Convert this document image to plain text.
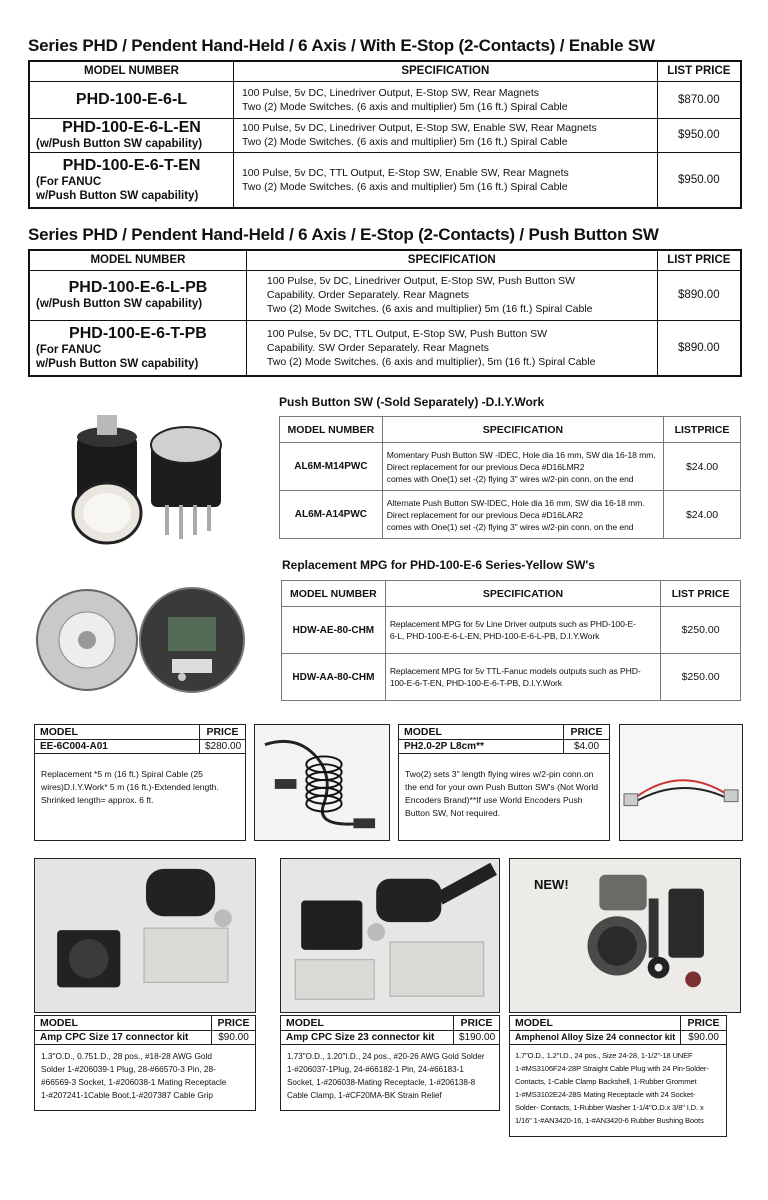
Series PHD / Pendent Hand-Held / 6 Axis / With E-Stop (2-Contacts) / Enable SW
MODEL NUMBER	SPECIFICATION	LIST PRICE

PHD-100-E-6-L	100 Pulse, 5v DC, Linedriver Output, E-Stop SW, Rear Magnets
Two (2) Mode Switches. (6 axis and multiplier) 5m (16 ft.) Spiral Cable	$870.00

PHD-100-E-6-L-EN
(w/Push Button SW capability)	100 Pulse, 5v DC, Linedriver Output, E-Stop SW, Enable SW, Rear Magnets
Two (2) Mode Switches. (6 axis and multiplier) 5m (16 ft.) Spiral Cable	$950.00

PHD-100-E-6-T-EN
(For FANUC
w/Push Button SW capability)	100 Pulse, 5v DC, TTL Output, E-Stop SW, Enable SW, Rear Magnets
Two (2) Mode Switches. (6 axis and multiplier) 5m (16 ft.) Spiral Cable	$950.00
Series PHD / Pendent Hand-Held / 6 Axis / E-Stop (2-Contacts) / Push Button SW
MODEL NUMBER	SPECIFICATION	LIST PRICE

PHD-100-E-6-L-PB
(w/Push Button SW capability)	100 Pulse, 5v DC, Linedriver Output, E-Stop SW, Push Button SW
Capability. Order Separately. Rear Magnets
Two (2) Mode Switches. (6 axis and multiplier) 5m (16 ft.) Spiral Cable	$890.00

PHD-100-E-6-T-PB
(For FANUC
w/Push Button SW capability)	100 Pulse, 5v DC, TTL Output, E-Stop SW, Push Button SW
Capability. SW Order Separately. Rear Magnets
Two (2) Mode Switches. (6 axis and multiplier), 5m (16 ft.) Spiral Cable	$890.00
Push Button SW (-Sold Separately) -D.I.Y.Work
MODEL NUMBER	SPECIFICATION	LISTPRICE
AL6M-M14PWC	Momentary Push Button SW -IDEC, Hole dia 16 mm, SW dia 16-18 mm.
Direct replacement for our previous Deca #D16LMR2
comes with One(1) set -(2) flying 3" wires w/2-pin conn. on the end	$24.00
AL6M-A14PWC	Alternate Push Button SW-IDEC, Hole dia 16 mm, SW dia 16-18 mm.
Direct replacement for our previous Deca #D16LAR2
comes with One(1) set -(2) flying 3" wires w/2-pin conn. on the end	$24.00
Replacement MPG for PHD-100-E-6 Series-Yellow SW's
MODEL NUMBER	SPECIFICATION	LIST PRICE
HDW-AE-80-CHM	Replacement MPG for 5v Line Driver outputs such as PHD-100-E-
6-L, PHD-100-E-6-L-EN, PHD-100-E-6-L-PB, D.I.Y.Work	$250.00
HDW-AA-80-CHM	Replacement MPG for 5v TTL-Fanuc models outputs such as PHD-
100-E-6-T-EN, PHD-100-E-6-T-PB, D.I.Y.Work	$250.00
MODEL	PRICE
EE-6C004-A01	$280.00
Replacement *5 m (16 ft.) Spiral Cable (25
wires)D.I.Y.Work* 5 m (16 ft.)-Extended length.
Shrinked length= approx. 6 ft.
MODEL	PRICE
PH2.0-2P L8cm**	$4.00
Two(2) sets 3" length flying wires w/2-pin conn.on
the end for your own Push Button SW's (Not World
Encoders Brand)**If use World Encoders Push
Button SW, Not required.
NEW!
MODEL	PRICE
Amp CPC Size 17 connector kit	$90.00
1.3"O.D., 0.751.D., 28 pos., #18-28 AWG Gold
Solder 1-#206039-1 Plug, 28-#66570-3 Pin, 28-
#66569-3 Socket, 1-#206038-1 Mating Receptacle
1-#207241-1Cable Boot,1-#207387 Cable Grip
MODEL	PRICE
Amp CPC Size 23 connector kit	$190.00
1.73"O.D., 1.20"I.D., 24 pos., #20-26 AWG Gold Solder
1-#206037-1Plug, 24-#66182-1 Pin, 24-#66183-1
Socket, 1-#206038-Mating Receptacle, 1-#206138-8
Cable Clamp, 1-#CF20MA-BK Strain Relief
MODEL	PRICE
Amphenol Alloy Size 24 connector kit	$90.00
1.7"O.D., 1.2"I.D., 24 pos., Size 24-28, 1-1/2"-18 UNEF
1-#MS3106F24-28P Straight Cable Plug with 24 Pin-Solder-
Contacts, 1-Cable Clamp Backshell, 1-Rubber Grommet
1-#MS3102E24-28S Mating Receptacle with 24 Socket-
Solder- Contacts, 1-Rubber Washer 1-1/4"O.D.x 3/8" I.D. x
1/16" 1-#AN3420-16, 1-#AN3420-6 Rubber Bushing Boots
